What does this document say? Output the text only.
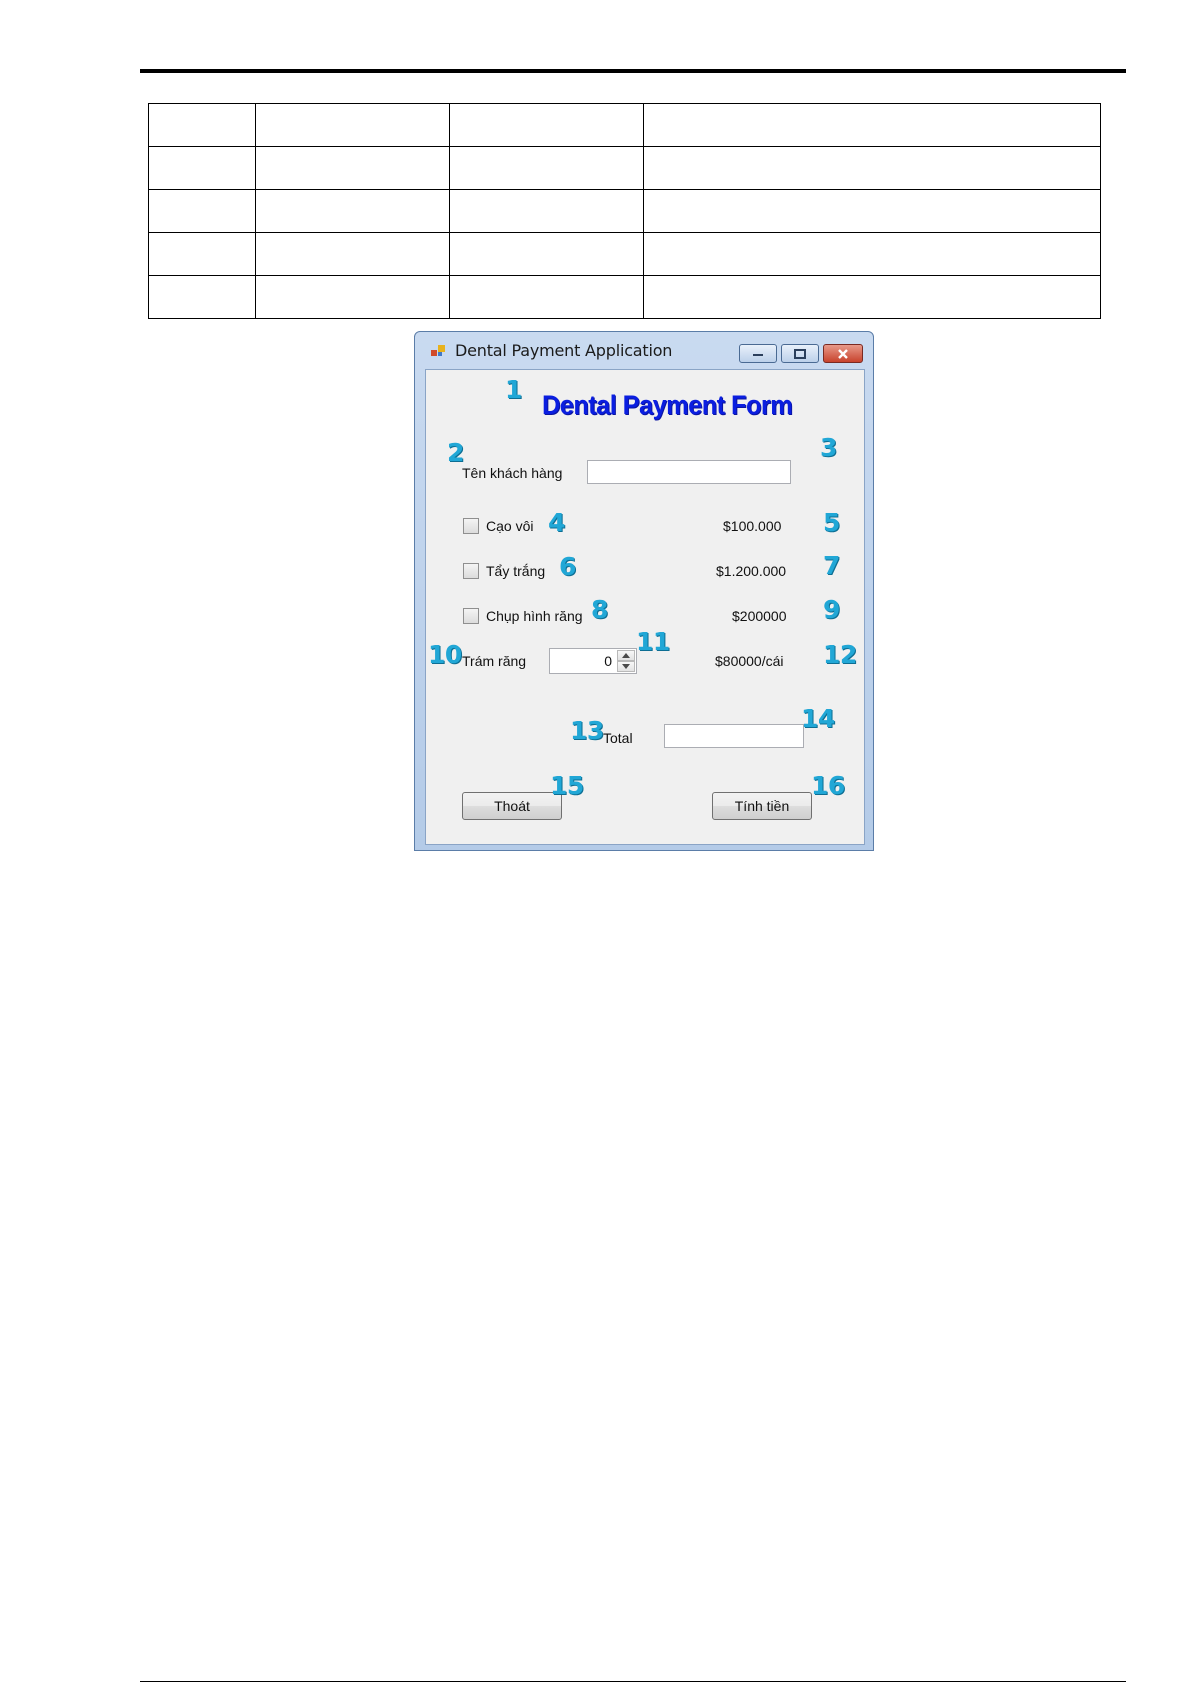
Dental Payment Application
Dental Payment Form
Tên khách hàng
Cạo vôi	$100.000
Tẩy trắng	$1.200.000
Chụp hình răng	$200000
Trám răng	0	$80000/cái
Total
Thoát	Tính tiền
1
2	3
4	5
6	7
8	9
10	11	12
13	14
15	16
